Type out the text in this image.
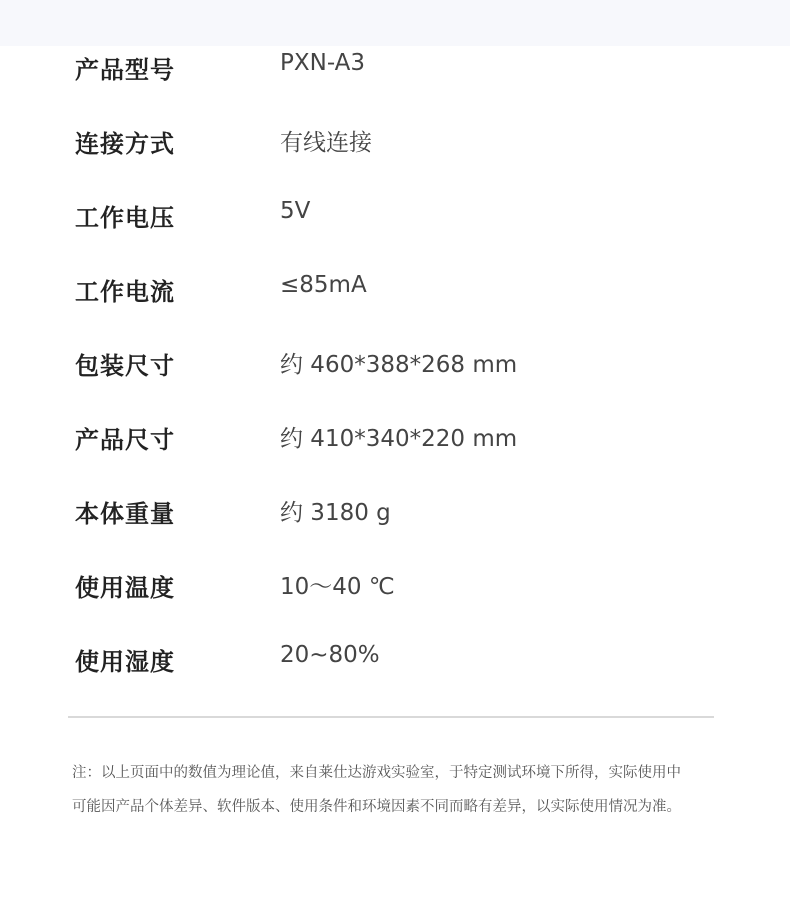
产品型号	PXN-A3
连接方式	有线连接
工作电压	5V
工作电流	≤85mA
包装尺寸	约 460*388*268 mm
产品尺寸	约 410*340*220 mm
本体重量	约 3180 g
使用温度	10～40 ℃
使用湿度	20~80%
注：以上页面中的数值为理论值，来自莱仕达游戏实验室，于特定测试环境下所得，实际使用中
可能因产品个体差异、软件版本、使用条件和环境因素不同而略有差异，以实际使用情况为准。
